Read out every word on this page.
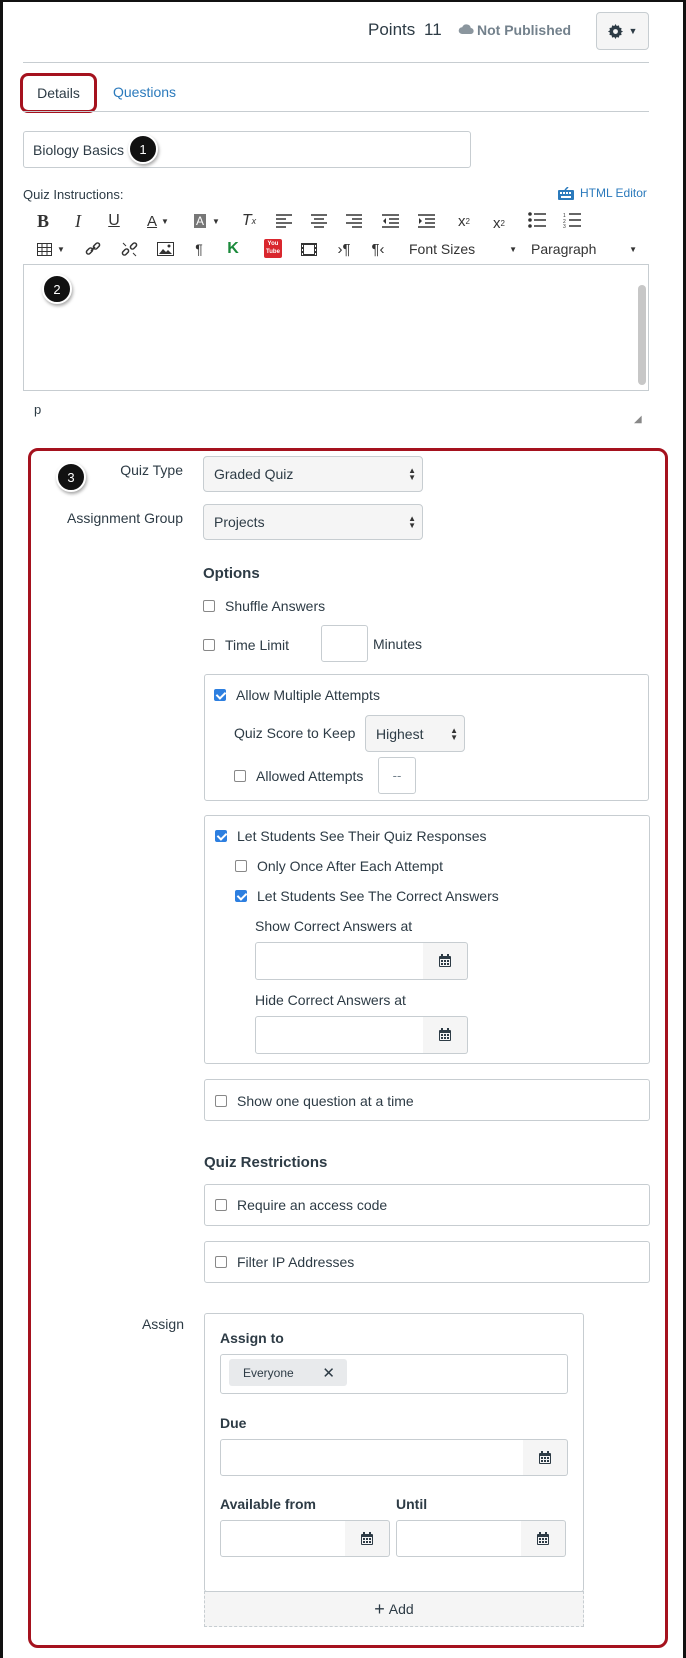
Points 11	Not Published	▼
Details	Questions
Biology Basics	1
Quiz Instructions:	HTML Editor
B I	U A ▼ A ▼ T x	x 2 x 2
1
2
3
▼	¶ K	You
Tube	›¶ ¶‹ Font Sizes	▼ Paragraph	▼
2
p
◢
3	Quiz Type Graded Quiz	▲
▼
Assignment Group Projects	▲
▼
Options
Shuffle Answers
Time Limit	Minutes
Allow Multiple Attempts
Quiz Score to Keep Highest	▲
▼
Allowed Attempts	--
Let Students See Their Quiz Responses
Only Once After Each Attempt
Let Students See The Correct Answers
Show Correct Answers at
Hide Correct Answers at
Show one question at a time
Quiz Restrictions
Require an access code
Filter IP Addresses
Assign
Assign to
Everyone ✕
Due
Available from	Until
+ Add
